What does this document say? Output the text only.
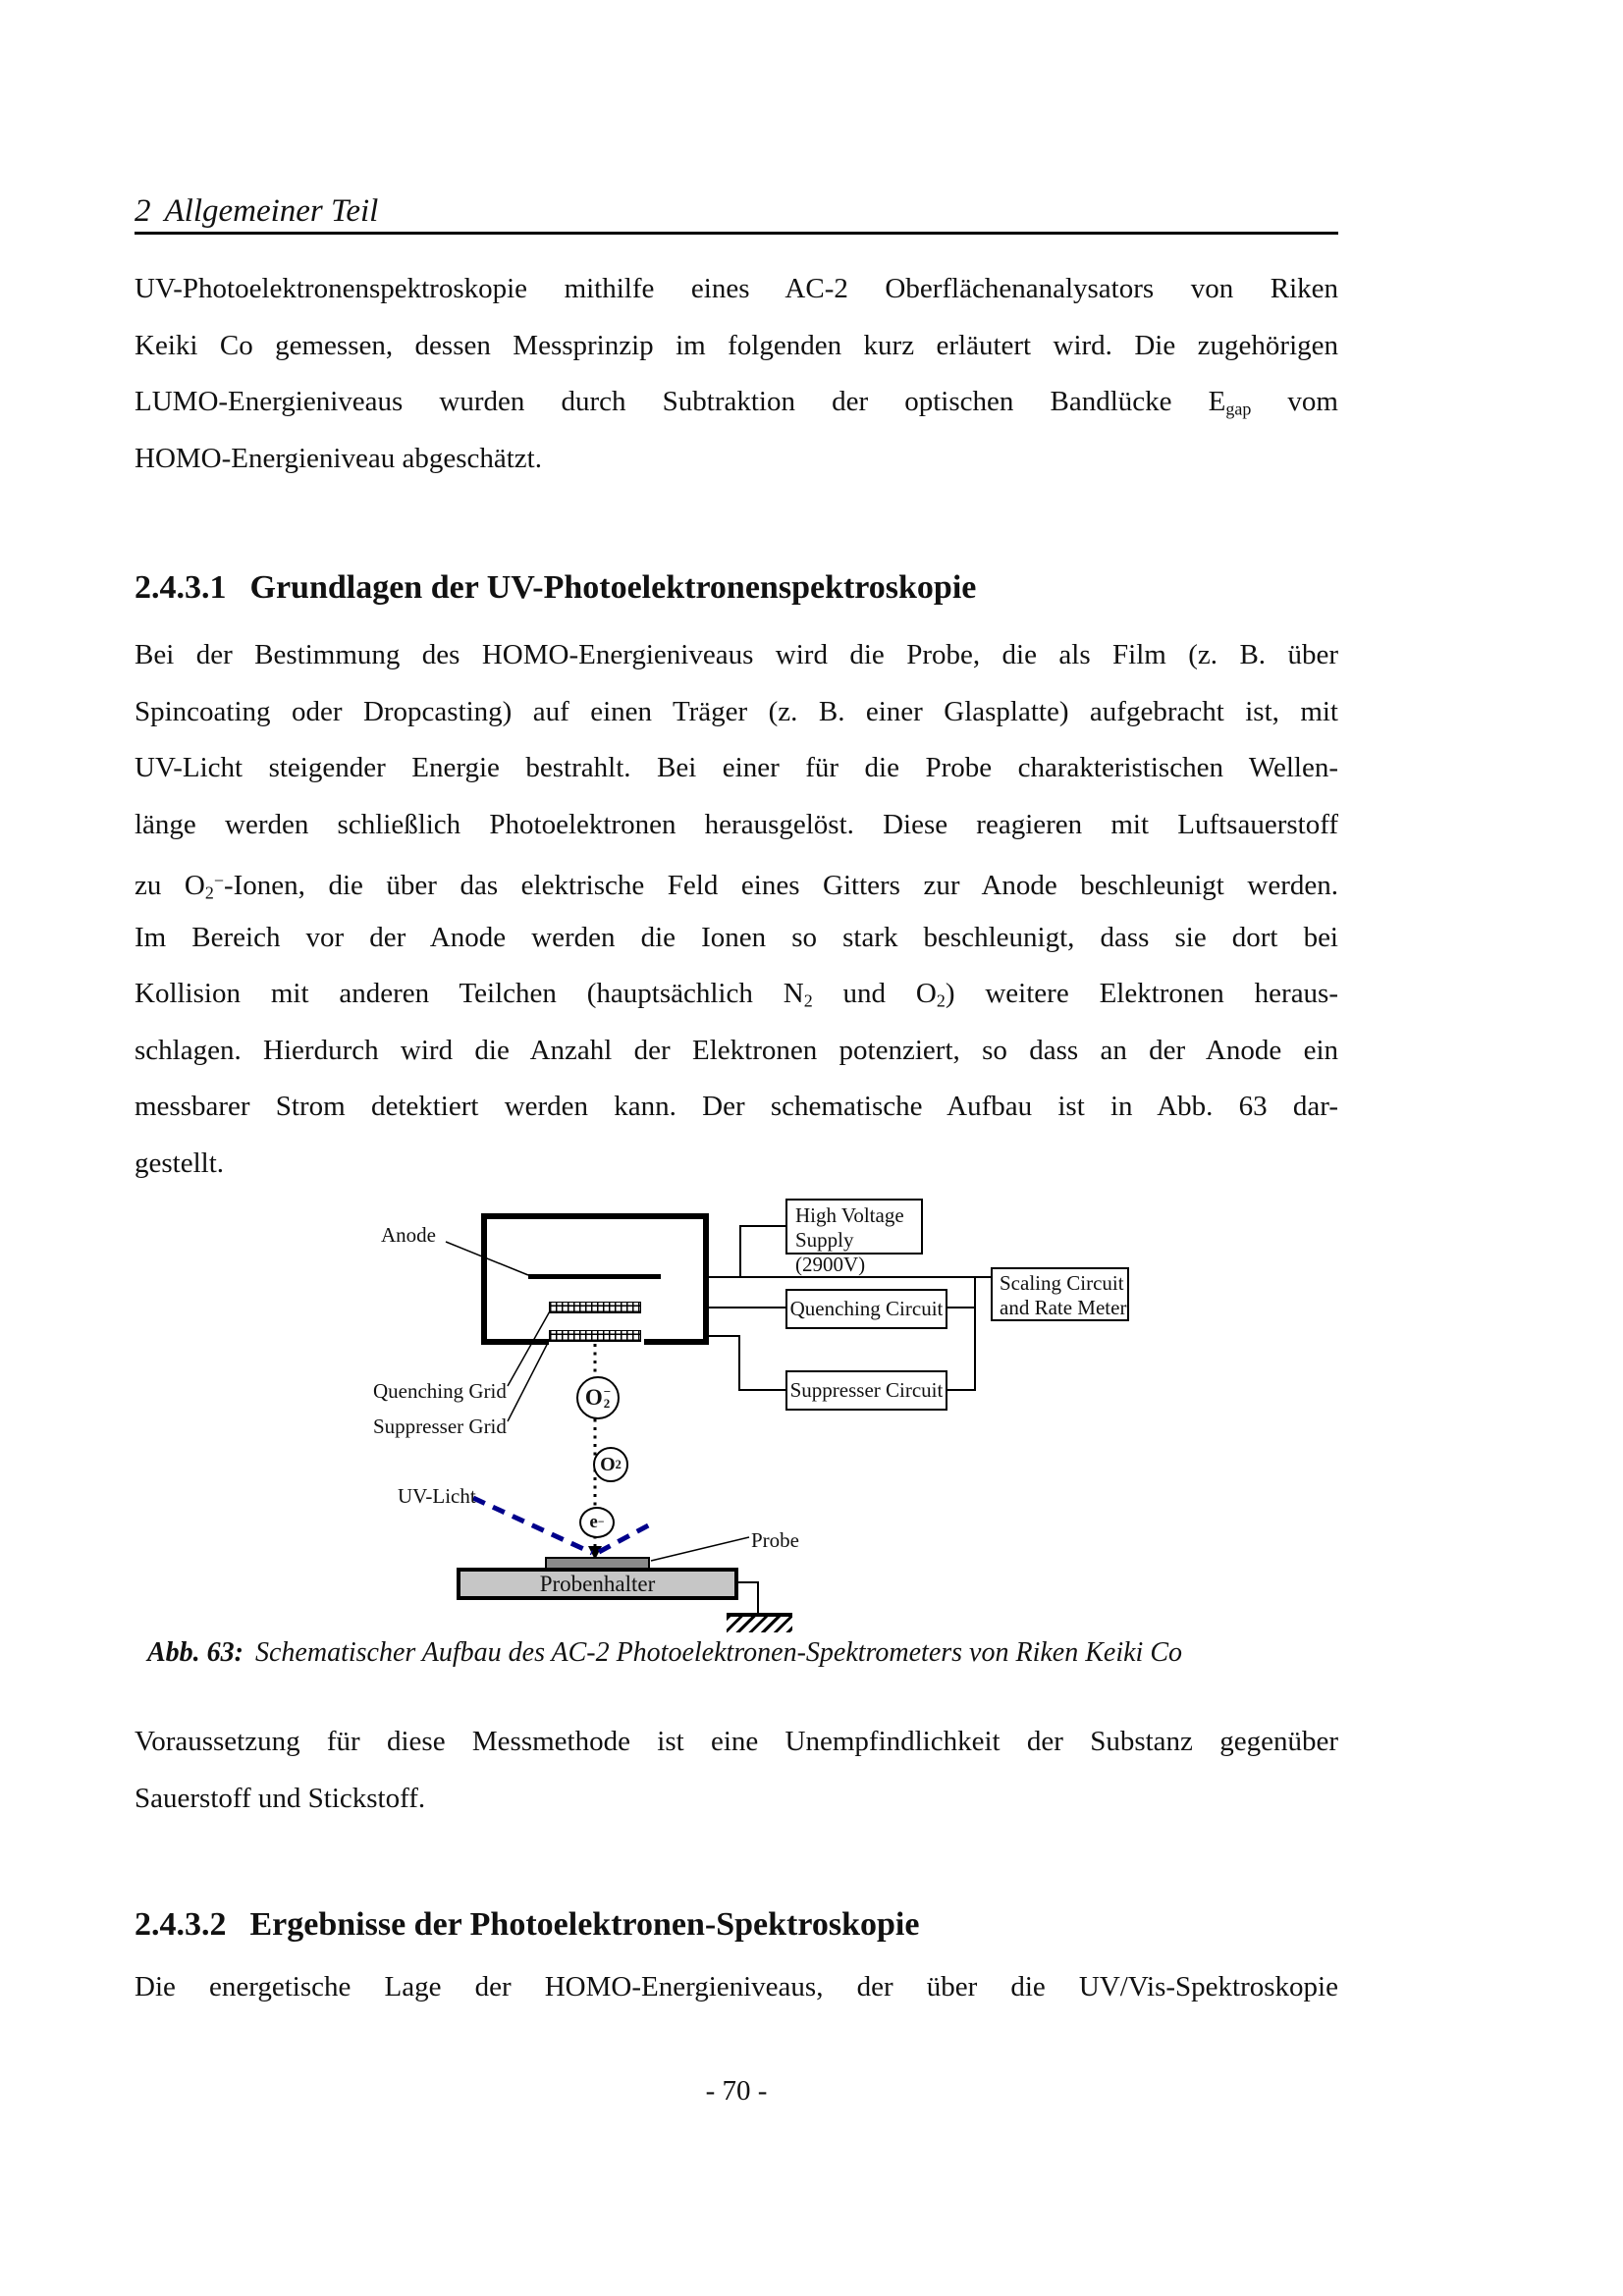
2 Allgemeiner Teil
UV-Photoelektronenspektroskopie mithilfe eines AC-2 Oberflächenanalysators von Riken
Keiki Co gemessen, dessen Messprinzip im folgenden kurz erläutert wird. Die zugehörigen
LUMO-Energieniveaus wurden durch Subtraktion der optischen Bandlücke $E_{gap}$ vom
HOMO-Energieniveau abgeschätzt.
2.4.3.1 Grundlagen der UV-Photoelektronenspektroskopie
Bei der Bestimmung des HOMO-Energieniveaus wird die Probe, die als Film (z. B. über
Spincoating oder Dropcasting) auf einen Träger (z. B. einer Glasplatte) aufgebracht ist, mit
UV-Licht steigender Energie bestrahlt. Bei einer für die Probe charakteristischen Wellen-
länge werden schließlich Photoelektronen herausgelöst. Diese reagieren mit Luftsauerstoff
zu $O_2^-$-Ionen, die über das elektrische Feld eines Gitters zur Anode beschleunigt werden.
Im Bereich vor der Anode werden die Ionen so stark beschleunigt, dass sie dort bei
Kollision mit anderen Teilchen (hauptsächlich $N_2$ und $O_2$) weitere Elektronen heraus-
schlagen. Hierdurch wird die Anzahl der Elektronen potenziert, so dass an der Anode ein
messbarer Strom detektiert werden kann. Der schematische Aufbau ist in Abb. 63 dar-
gestellt.
High Voltage
Supply (2900V)
Scaling Circuit
and Rate Meter
Quenching Circuit
Suppresser Circuit
O −
2
O 2
e −
Anode
Quenching Grid
Suppresser Grid
UV-Licht
Probe
Probenhalter
Abb. 63: Schematischer Aufbau des AC-2 Photoelektronen-Spektrometers von Riken Keiki Co
Voraussetzung für diese Messmethode ist eine Unempfindlichkeit der Substanz gegenüber
Sauerstoff und Stickstoff.
2.4.3.2 Ergebnisse der Photoelektronen-Spektroskopie
Die energetische Lage der HOMO-Energieniveaus, der über die UV/Vis-Spektroskopie
- 70 -
